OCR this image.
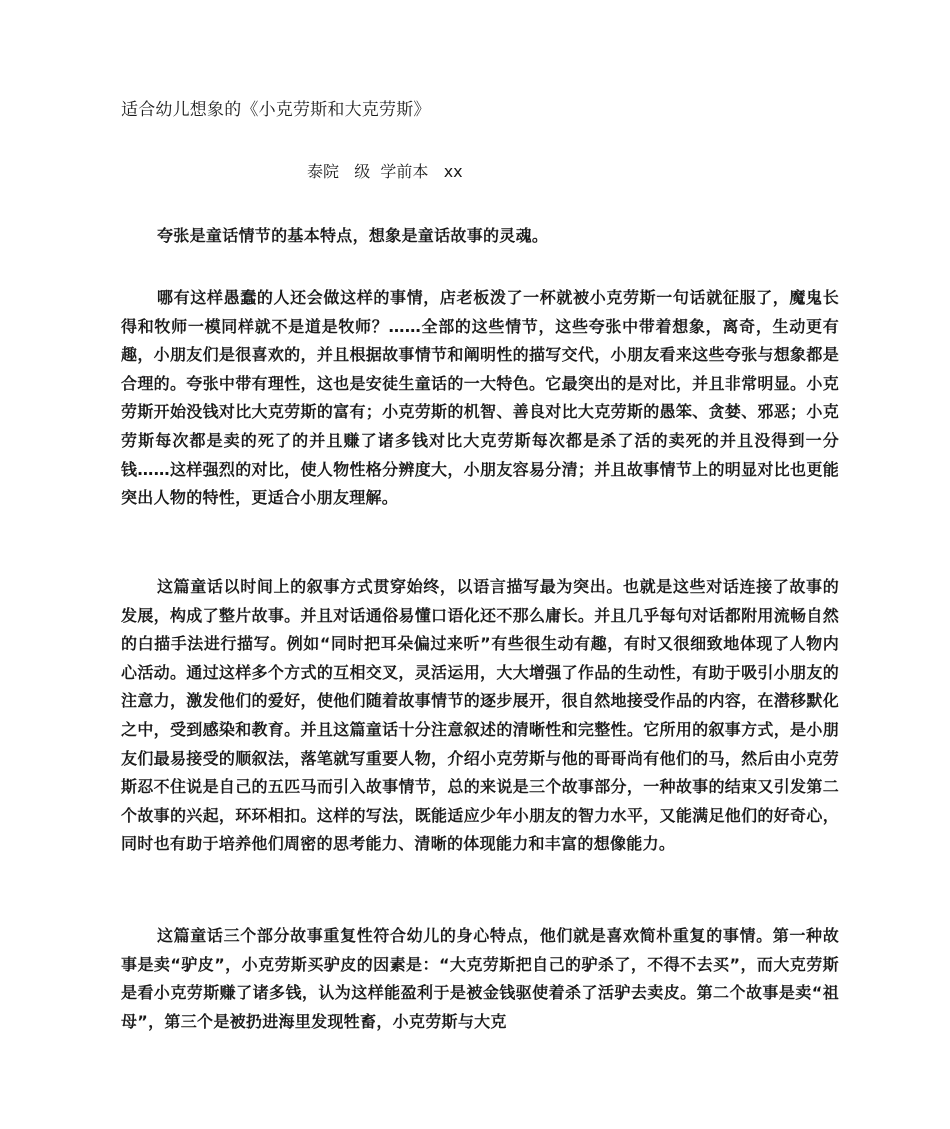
适合幼儿想象的《小克劳斯和大克劳斯》

泰院   级  学前本   xx

夸张是童话情节的基本特点，想象是童话故事的灵魂。

哪有这样愚蠢的人还会做这样的事情，店老板泼了一杯就被小克劳斯一句话就征服了，魔鬼长得和牧师一模同样就不是道是牧师？……全部的这些情节，这些夸张中带着想象，离奇，生动更有趣，小朋友们是很喜欢的，并且根据故事情节和阐明性的描写交代，小朋友看来这些夸张与想象都是合理的。夸张中带有理性，这也是安徒生童话的一大特色。它最突出的是对比，并且非常明显。小克劳斯开始没钱对比大克劳斯的富有；小克劳斯的机智、善良对比大克劳斯的愚笨、贪婪、邪恶；小克劳斯每次都是卖的死了的并且赚了诸多钱对比大克劳斯每次都是杀了活的卖死的并且没得到一分钱……这样强烈的对比，使人物性格分辨度大，小朋友容易分清；并且故事情节上的明显对比也更能突出人物的特性，更适合小朋友理解。

这篇童话以时间上的叙事方式贯穿始终，以语言描写最为突出。也就是这些对话连接了故事的发展，构成了整片故事。并且对话通俗易懂口语化还不那么庸长。并且几乎每句对话都附用流畅自然的白描手法进行描写。例如“同时把耳朵偏过来听”有些很生动有趣，有时又很细致地体现了人物内心活动。通过这样多个方式的互相交叉，灵活运用，大大增强了作品的生动性，有助于吸引小朋友的注意力，激发他们的爱好，使他们随着故事情节的逐步展开，很自然地接受作品的内容，在潜移默化之中，受到感染和教育。并且这篇童话十分注意叙述的清晰性和完整性。它所用的叙事方式，是小朋友们最易接受的顺叙法，落笔就写重要人物，介绍小克劳斯与他的哥哥尚有他们的马，然后由小克劳斯忍不住说是自己的五匹马而引入故事情节，总的来说是三个故事部分，一种故事的结束又引发第二个故事的兴起，环环相扣。这样的写法，既能适应少年小朋友的智力水平，又能满足他们的好奇心，同时也有助于培养他们周密的思考能力、清晰的体现能力和丰富的想像能力。

这篇童话三个部分故事重复性符合幼儿的身心特点，他们就是喜欢简朴重复的事情。第一种故事是卖“驴皮”，小克劳斯买驴皮的因素是：“大克劳斯把自己的驴杀了，不得不去买”，而大克劳斯是看小克劳斯赚了诸多钱，认为这样能盈利于是被金钱驱使着杀了活驴去卖皮。第二个故事是卖“祖母”，第三个是被扔进海里发现牲畜，小克劳斯与大克
